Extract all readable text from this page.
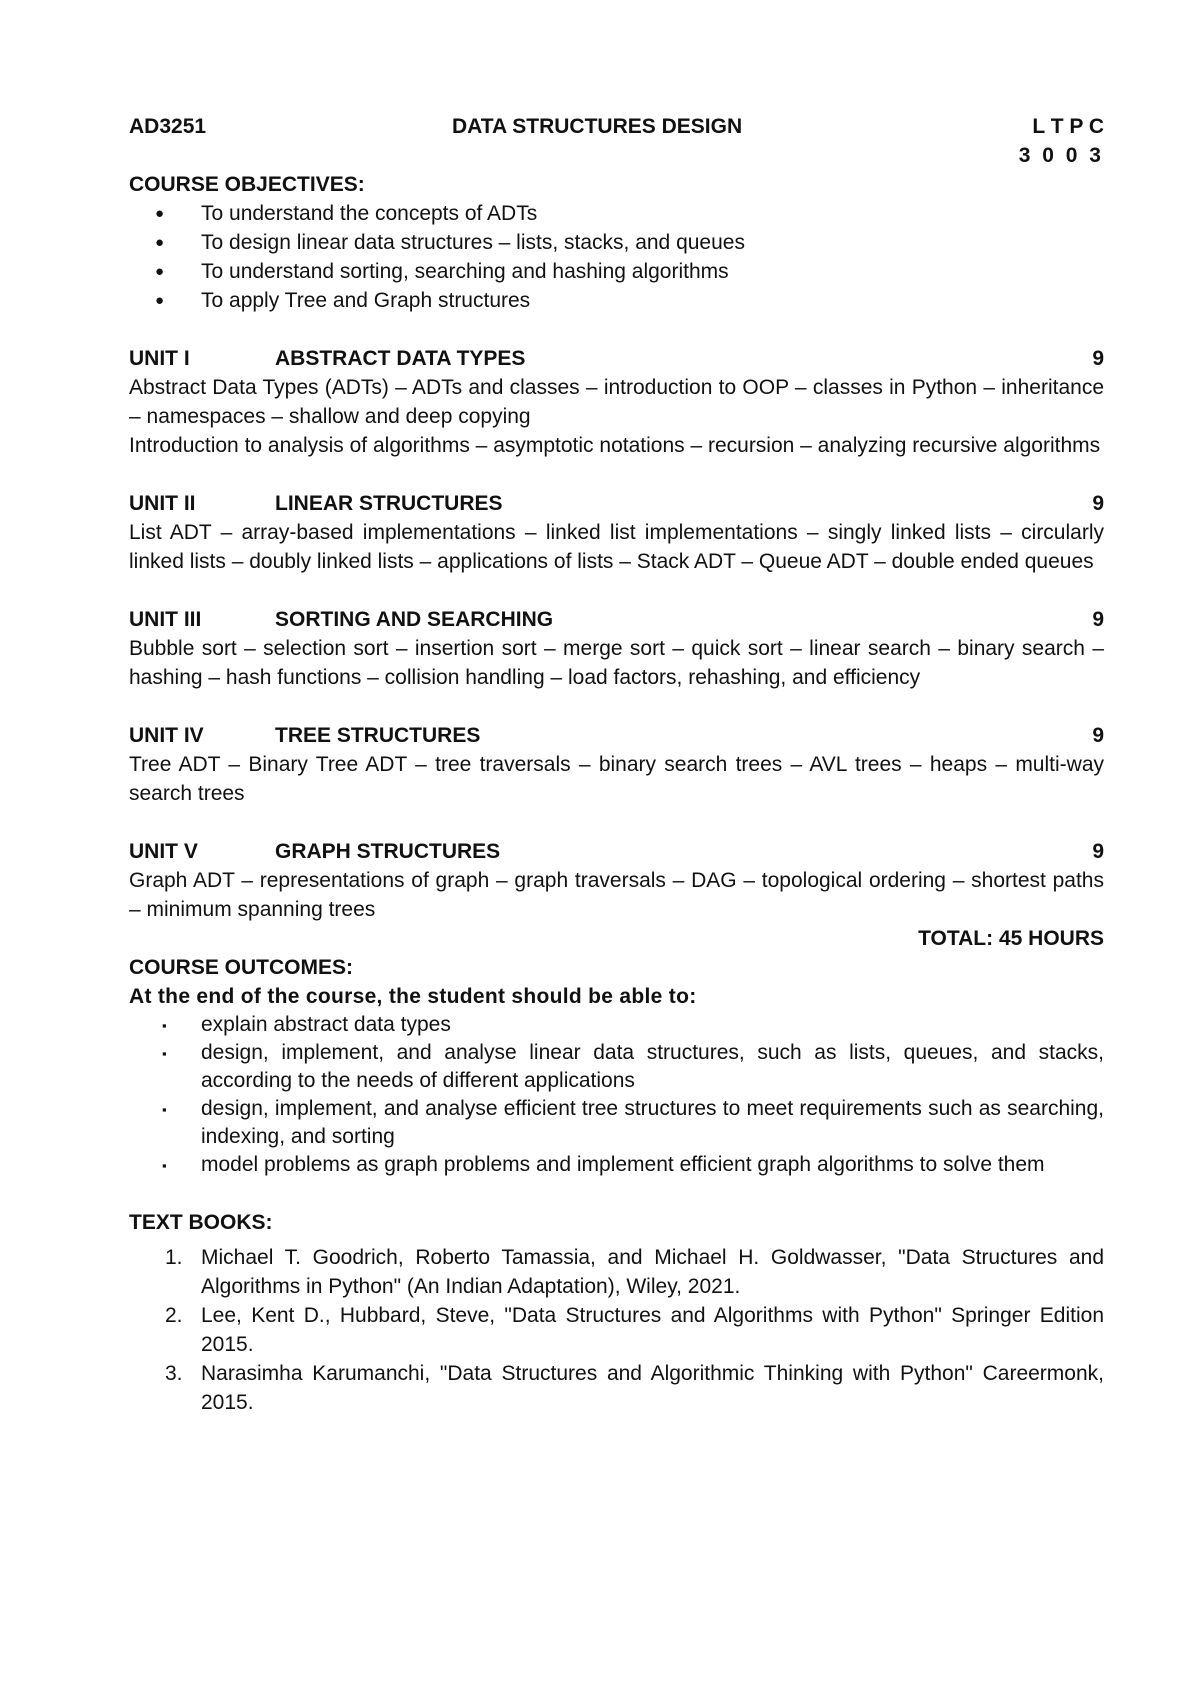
AD3251	DATA STRUCTURES DESIGN	L T P C
3 0 0 3
COURSE OBJECTIVES:
● To understand the concepts of ADTs
● To design linear data structures – lists, stacks, and queues
● To understand sorting, searching and hashing algorithms
● To apply Tree and Graph structures
UNIT I	ABSTRACT DATA TYPES	9
Abstract Data Types (ADTs) – ADTs and classes – introduction to OOP – classes in Python – inheritance – namespaces – shallow and deep copying
Introduction to analysis of algorithms – asymptotic notations – recursion – analyzing recursive algorithms
UNIT II	LINEAR STRUCTURES	9
List ADT – array-based implementations – linked list implementations – singly linked lists – circularly linked lists – doubly linked lists – applications of lists – Stack ADT – Queue ADT – double ended queues
UNIT III	SORTING AND SEARCHING	9
Bubble sort – selection sort – insertion sort – merge sort – quick sort – linear search – binary search – hashing – hash functions – collision handling – load factors, rehashing, and efficiency
UNIT IV	TREE STRUCTURES	9
Tree ADT – Binary Tree ADT – tree traversals – binary search trees – AVL trees – heaps – multi-way search trees
UNIT V	GRAPH STRUCTURES	9
Graph ADT – representations of graph – graph traversals – DAG – topological ordering – shortest paths – minimum spanning trees
TOTAL: 45 HOURS
COURSE OUTCOMES:
At the end of the course, the student should be able to:
▪ explain abstract data types
▪ design, implement, and analyse linear data structures, such as lists, queues, and stacks, according to the needs of different applications
▪ design, implement, and analyse efficient tree structures to meet requirements such as searching, indexing, and sorting
▪ model problems as graph problems and implement efficient graph algorithms to solve them
TEXT BOOKS:
1. Michael T. Goodrich, Roberto Tamassia, and Michael H. Goldwasser, "Data Structures and Algorithms in Python" (An Indian Adaptation), Wiley, 2021.
2. Lee, Kent D., Hubbard, Steve, "Data Structures and Algorithms with Python" Springer Edition 2015.
3. Narasimha Karumanchi, "Data Structures and Algorithmic Thinking with Python" Careermonk, 2015.
